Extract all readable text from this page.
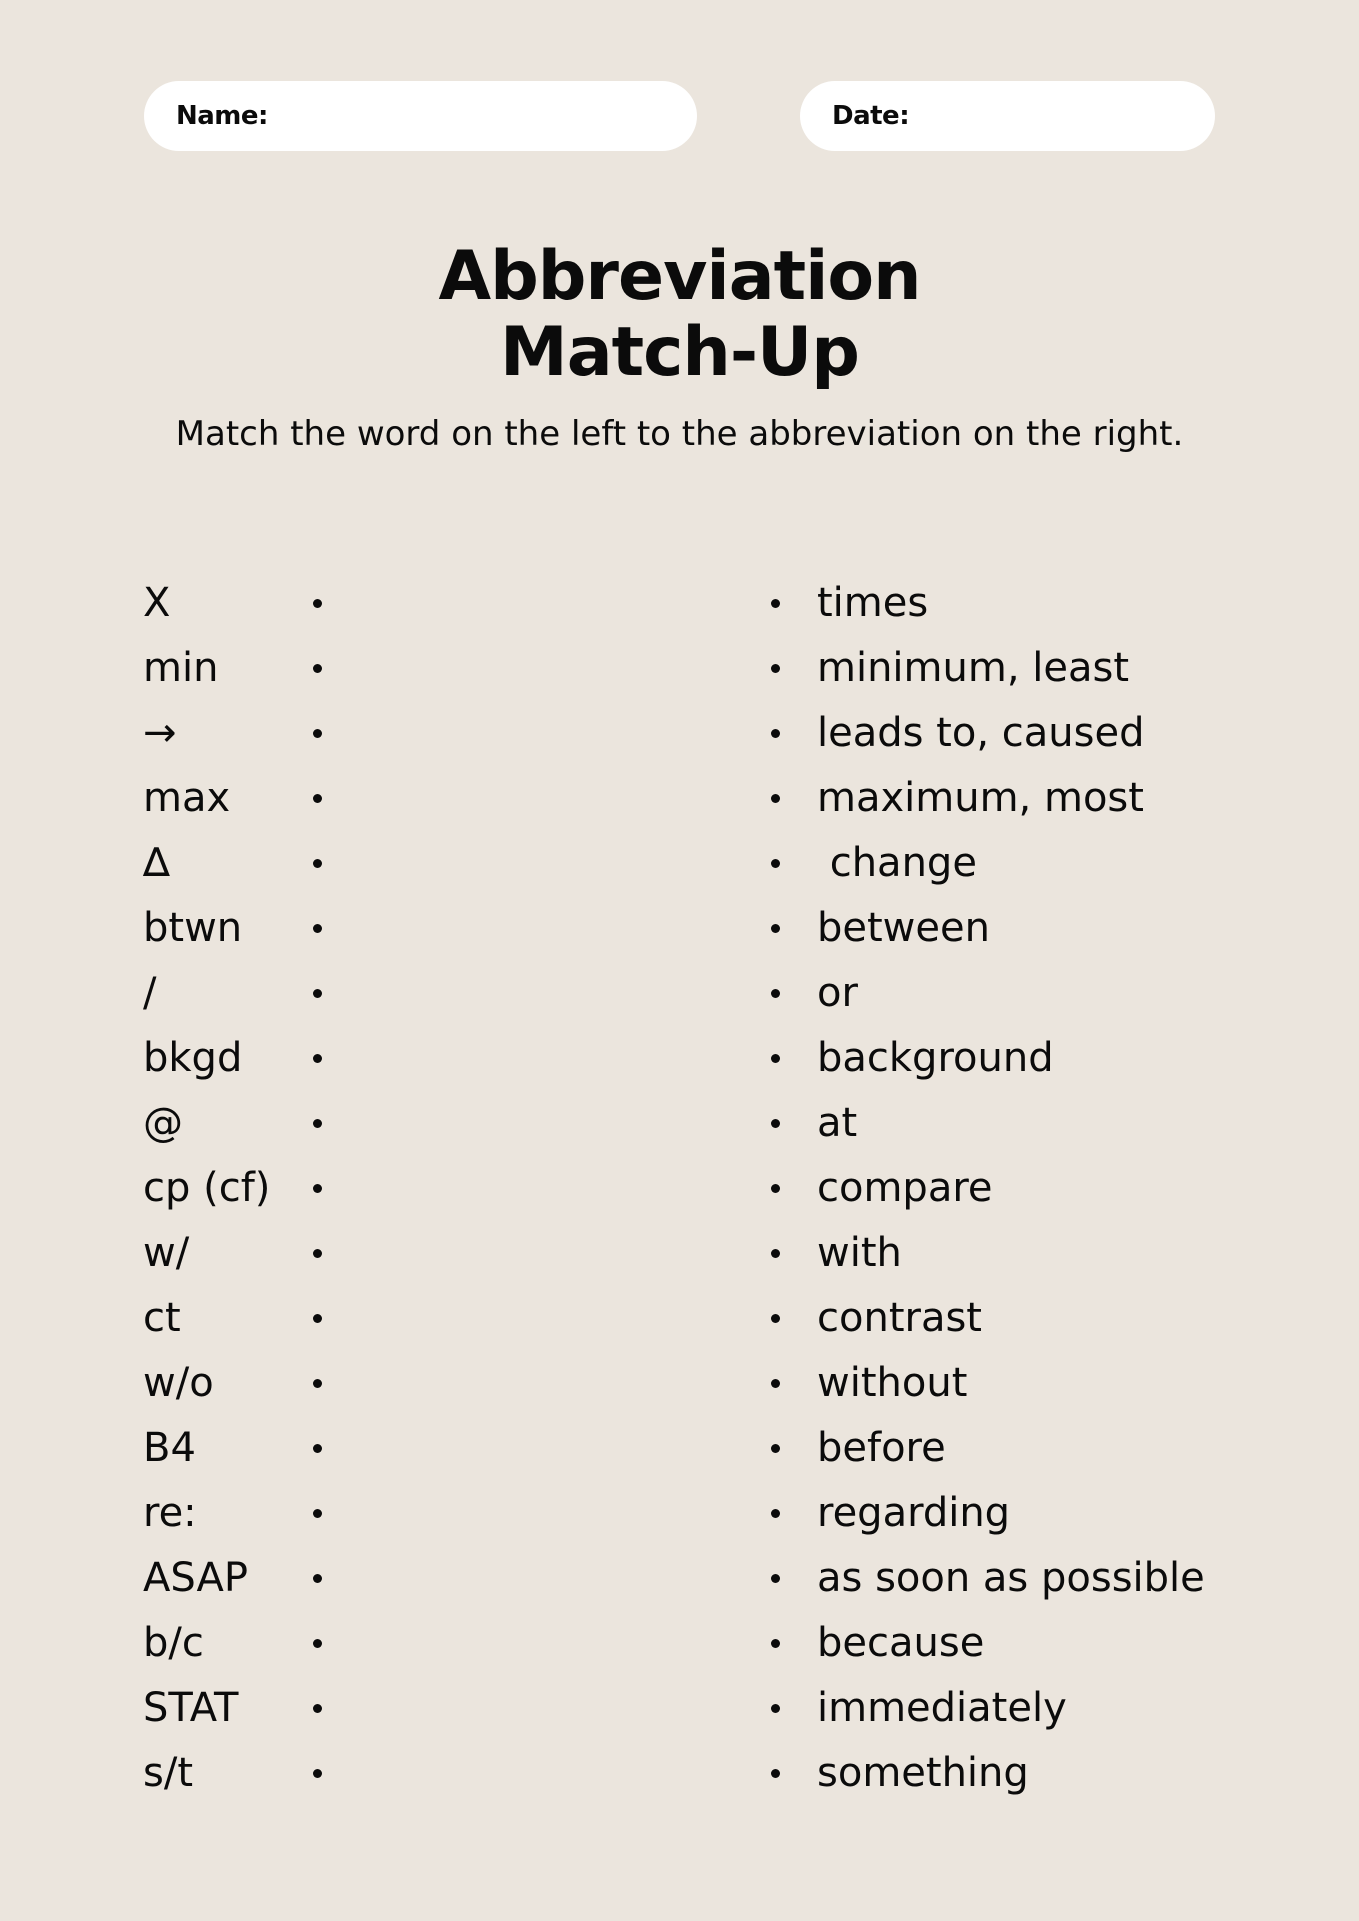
Name:	Date:
Abbreviation
Match-Up
Match the word on the left to the abbreviation on the right.
X	times
min	minimum, least
→	leads to, caused
max	maximum, most
∆	change
btwn	between
/	or
bkgd	background
@	at
cp (cf)	compare
w/	with
ct	contrast
w/o	without
B4	before
re:	regarding
ASAP	as soon as possible
b/c	because
STAT	immediately
s/t	something
